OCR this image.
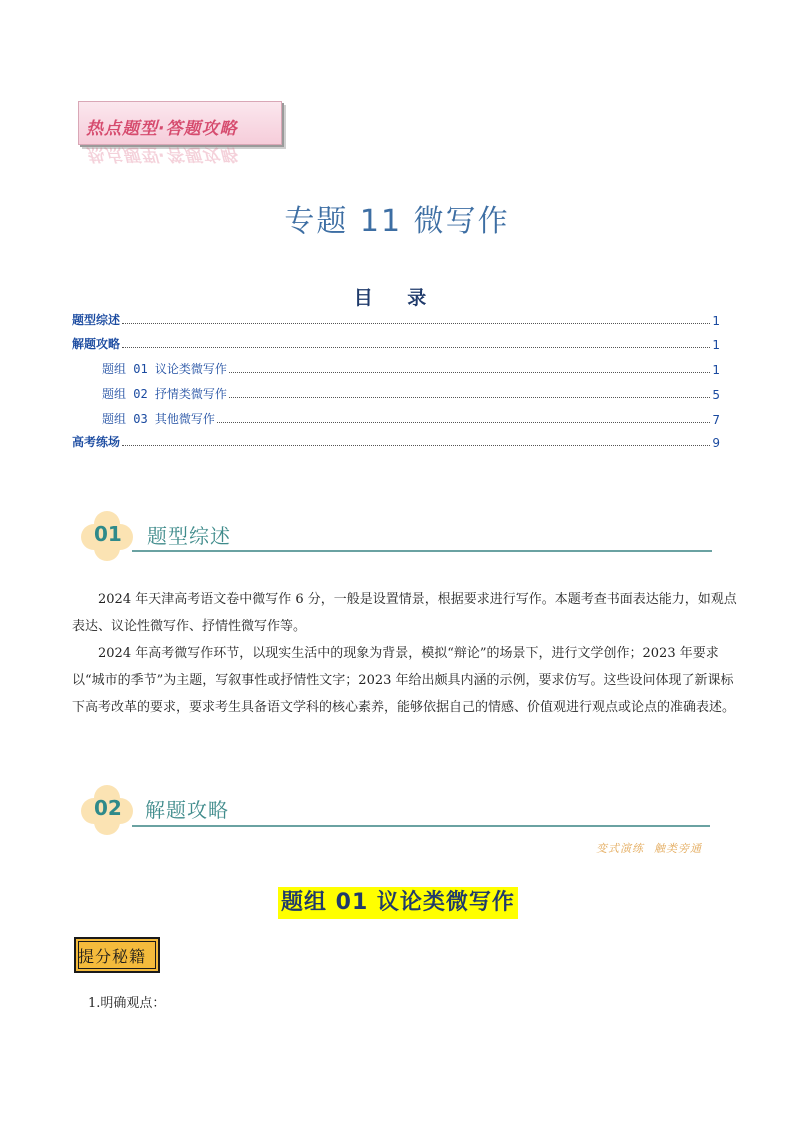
热点题型·答题攻略
热点题型·答题攻略
专题 11 微写作
目 录
题型综述	1
解题攻略	1
题组 01 议论类微写作	1
题组 02 抒情类微写作	5
题组 03 其他微写作	7
高考练场	9
01 题型综述
2024 年天津高考语文卷中微写作 6 分，一般是设置情景，根据要求进行写作。本题考查书面表达能力，如观点表达、议论性微写作、抒情性微写作等。
2024 年高考微写作环节，以现实生活中的现象为背景，模拟“辩论”的场景下，进行文学创作；2023 年要求以“城市的季节”为主题，写叙事性或抒情性文字；2023 年给出颇具内涵的示例，要求仿写。这些设问体现了新课标下高考改革的要求，要求考生具备语文学科的核心素养，能够依据自己的情感、价值观进行观点或论点的准确表述。
02 解题攻略
变式演练 触类旁通
题组 01 议论类微写作
提分秘籍
1.明确观点：
